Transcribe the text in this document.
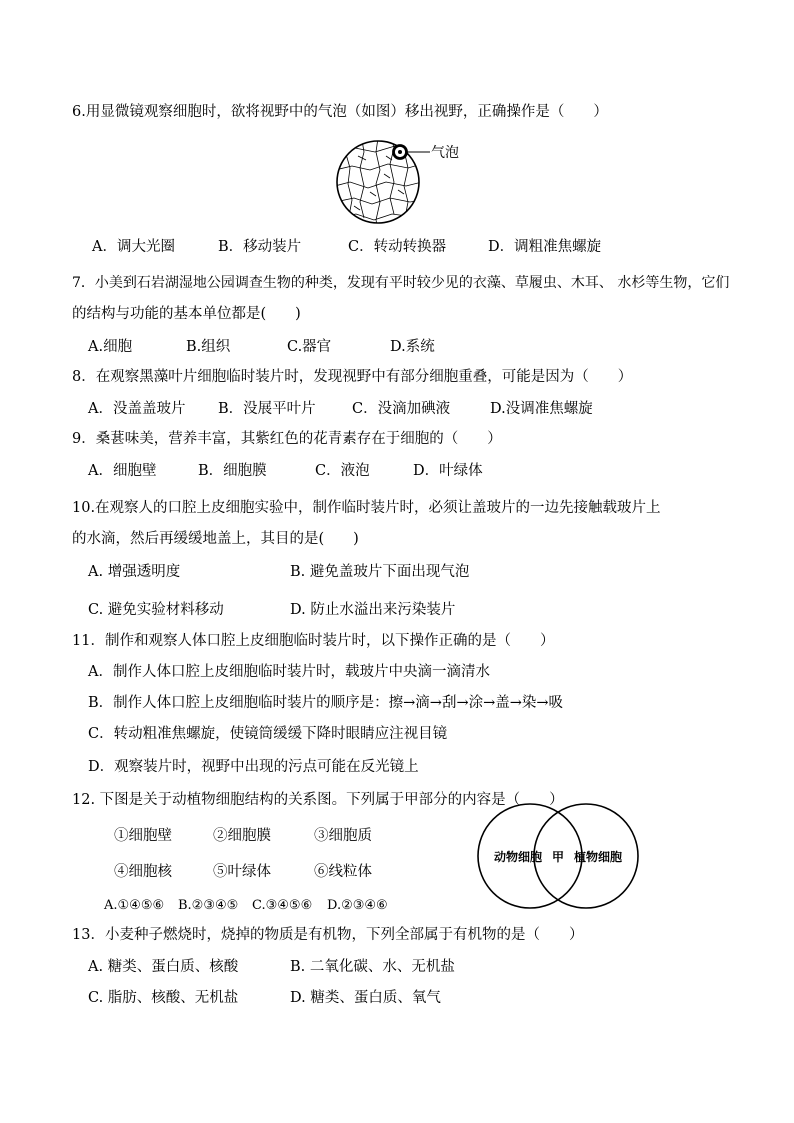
6.用显微镜观察细胞时，欲将视野中的气泡（如图）移出视野，正确操作是（　　）
气泡
A．调大光圈	B．移动装片	C．转动转换器	D．调粗准焦螺旋
7．小美到石岩湖湿地公园调查生物的种类，发现有平时较少见的衣藻、草履虫、木耳、 水杉等生物，它们
的结构与功能的基本单位都是(　　)
A.细胞	B.组织	C.器官	D.系统
8．在观察黑藻叶片细胞临时装片时，发现视野中有部分细胞重叠，可能是因为（　　）
A．没盖盖玻片 B．没展平叶片	C．没滴加碘液	D.没调准焦螺旋
9．桑葚味美，营养丰富，其紫红色的花青素存在于细胞的（　　）
A．细胞壁	B．细胞膜	C．液泡	D．叶绿体
10.在观察人的口腔上皮细胞实验中，制作临时装片时，必须让盖玻片的一边先接触载玻片上
的水滴，然后再缓缓地盖上，其目的是(　　)
A. 增强透明度	B. 避免盖玻片下面出现气泡
C. 避免实验材料移动	D. 防止水溢出来污染装片
11．制作和观察人体口腔上皮细胞临时装片时，以下操作正确的是（　　）
A．制作人体口腔上皮细胞临时装片时，载玻片中央滴一滴清水
B．制作人体口腔上皮细胞临时装片的顺序是：擦→滴→刮→涂→盖→染→吸
C．转动粗准焦螺旋，使镜筒缓缓下降时眼睛应注视目镜
D．观察装片时，视野中出现的污点可能在反光镜上
12. 下图是关于动植物细胞结构的关系图。下列属于甲部分的内容是（　　）
①细胞壁	②细胞膜	③细胞质
④细胞核	⑤叶绿体	⑥线粒体
A.①④⑤⑥ B.②③④⑤ C.③④⑤⑥ D.②③④⑥
动物细胞 甲 植物细胞
13．小麦种子燃烧时，烧掉的物质是有机物，下列全部属于有机物的是（　　）
A. 糖类、蛋白质、核酸	B. 二氧化碳、水、无机盐
C. 脂肪、核酸、无机盐	D. 糖类、蛋白质、氧气
